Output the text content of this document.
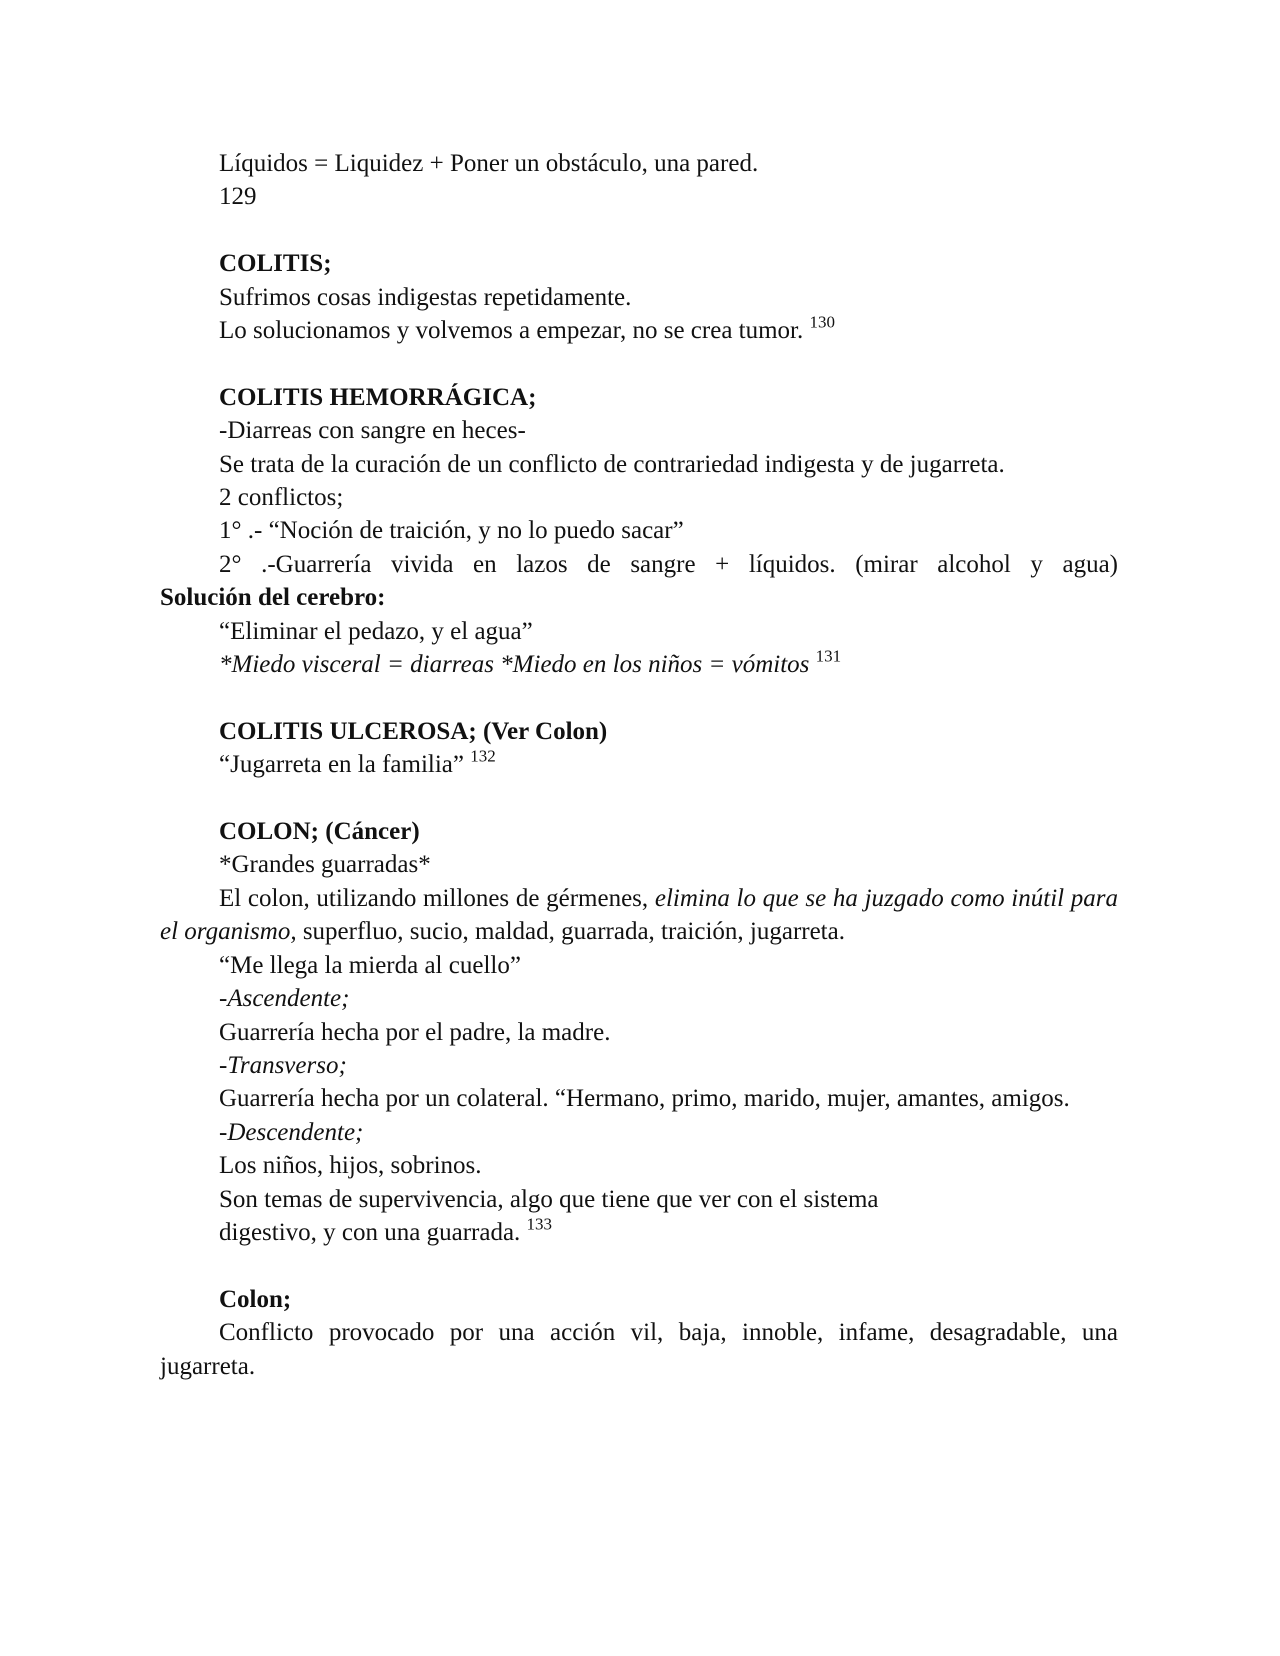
Líquidos = Liquidez + Poner un obstáculo, una pared.

129

COLITIS;

Sufrimos cosas indigestas repetidamente.

Lo solucionamos y volvemos a empezar, no se crea tumor. $^{130}$

COLITIS HEMORRÁGICA;

-Diarreas con sangre en heces-

Se trata de la curación de un conflicto de contrariedad indigesta y de jugarreta.

2 conflictos;

1° .- “Noción de traición, y no lo puedo sacar”

2° .-Guarrería vivida en lazos de sangre + líquidos. (mirar alcohol y agua)

Solución del cerebro:

“Eliminar el pedazo, y el agua”

*Miedo visceral = diarreas *Miedo en los niños = vómitos $^{131}$

COLITIS ULCEROSA; (Ver Colon)

“Jugarreta en la familia” $^{132}$

COLON; (Cáncer)

*Grandes guarradas*

El colon, utilizando millones de gérmenes, elimina lo que se ha juzgado como inútil para el organismo, superfluo, sucio, maldad, guarrada, traición, jugarreta.

“Me llega la mierda al cuello”

-Ascendente;

Guarrería hecha por el padre, la madre.

-Transverso;

Guarrería hecha por un colateral. “Hermano, primo, marido, mujer, amantes, amigos.

-Descendente;

Los niños, hijos, sobrinos.

Son temas de supervivencia, algo que tiene que ver con el sistema

digestivo, y con una guarrada. $^{133}$

Colon;

Conflicto provocado por una acción vil, baja, innoble, infame, desagradable, una jugarreta.
